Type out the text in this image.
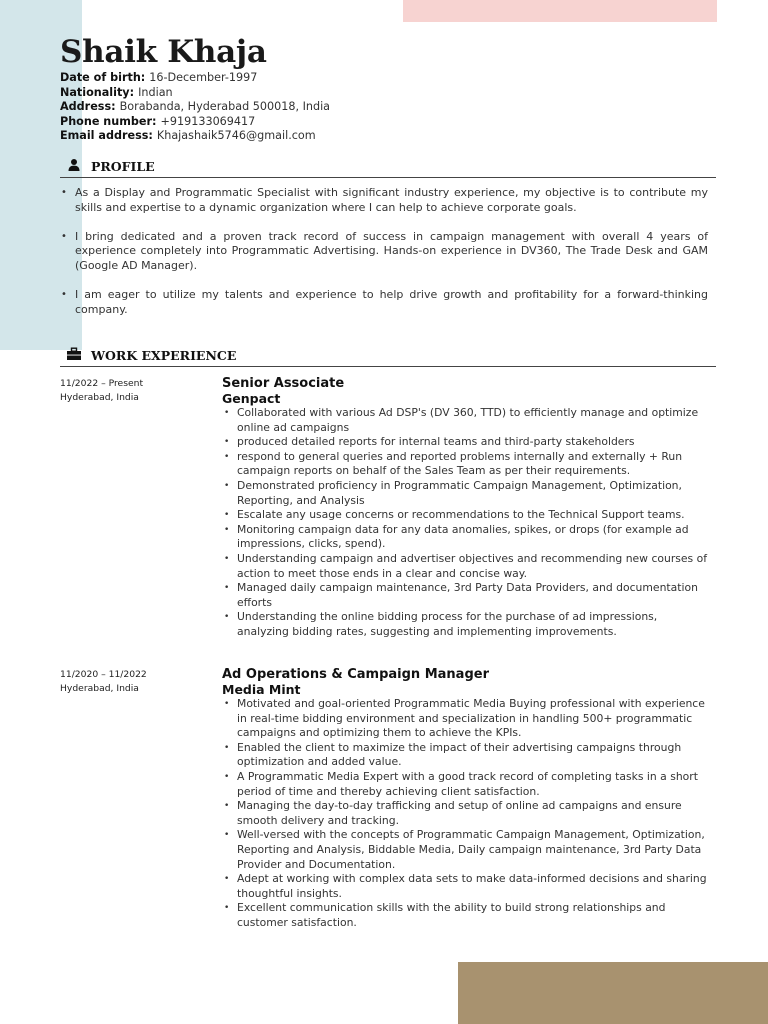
Shaik Khaja
Date of birth: 16-December-1997
Nationality: Indian
Address: Borabanda, Hyderabad 500018, India
Phone number: +919133069417
Email address: Khajashaik5746@gmail.com
PROFILE
• As a Display and Programmatic Specialist with significant industry experience, my objective is to contribute my skills and expertise to a dynamic organization where I can help to achieve corporate goals.
• I bring dedicated and a proven track record of success in campaign management with overall 4 years of experience completely into Programmatic Advertising. Hands-on experience in DV360, The Trade Desk and GAM (Google AD Manager).
• I am eager to utilize my talents and experience to help drive growth and profitability for a forward-thinking company.
WORK EXPERIENCE
11/2022 – Present
Hyderabad, India
Senior Associate
Genpact
• Collaborated with various Ad DSP's (DV 360, TTD) to efficiently manage and optimize online ad campaigns
• produced detailed reports for internal teams and third-party stakeholders
• respond to general queries and reported problems internally and externally + Run campaign reports on behalf of the Sales Team as per their requirements.
• Demonstrated proficiency in Programmatic Campaign Management, Optimization, Reporting, and Analysis
• Escalate any usage concerns or recommendations to the Technical Support teams.
• Monitoring campaign data for any data anomalies, spikes, or drops (for example ad impressions, clicks, spend).
• Understanding campaign and advertiser objectives and recommending new courses of action to meet those ends in a clear and concise way.
• Managed daily campaign maintenance, 3rd Party Data Providers, and documentation efforts
• Understanding the online bidding process for the purchase of ad impressions, analyzing bidding rates, suggesting and implementing improvements.
11/2020 – 11/2022
Hyderabad, India
Ad Operations & Campaign Manager
Media Mint
• Motivated and goal-oriented Programmatic Media Buying professional with experience in real-time bidding environment and specialization in handling 500+ programmatic campaigns and optimizing them to achieve the KPIs.
• Enabled the client to maximize the impact of their advertising campaigns through optimization and added value.
• A Programmatic Media Expert with a good track record of completing tasks in a short period of time and thereby achieving client satisfaction.
• Managing the day-to-day trafficking and setup of online ad campaigns and ensure smooth delivery and tracking.
• Well-versed with the concepts of Programmatic Campaign Management, Optimization, Reporting and Analysis, Biddable Media, Daily campaign maintenance, 3rd Party Data Provider and Documentation.
• Adept at working with complex data sets to make data-informed decisions and sharing thoughtful insights.
• Excellent communication skills with the ability to build strong relationships and customer satisfaction.
